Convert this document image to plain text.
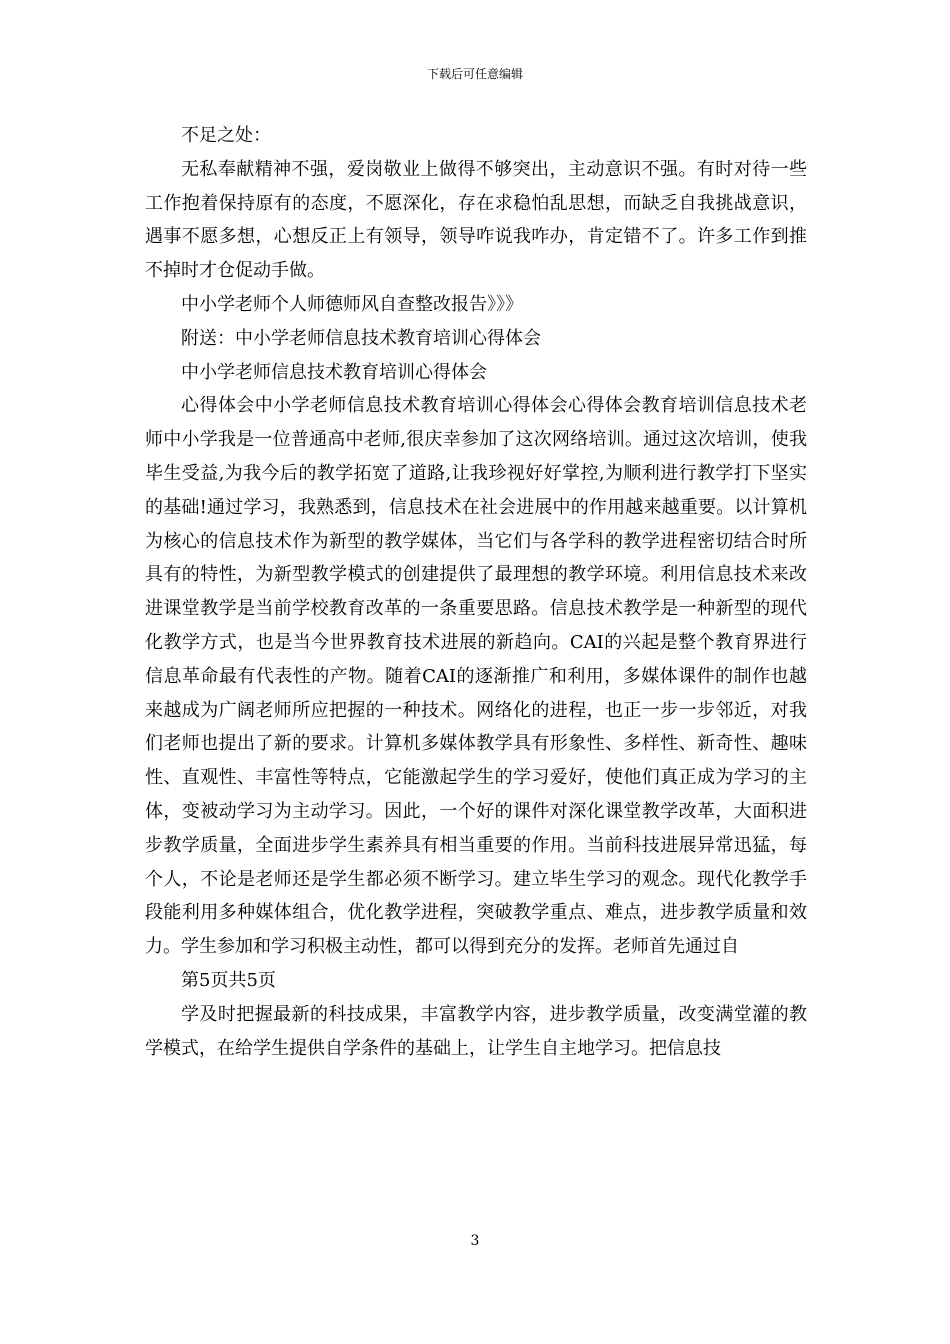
下载后可任意编辑

不足之处：

无私奉献精神不强，爱岗敬业上做得不够突出，主动意识不强。有时对待一些工作抱着保持原有的态度，不愿深化，存在求稳怕乱思想，而缺乏自我挑战意识，遇事不愿多想，心想反正上有领导，领导咋说我咋办，肯定错不了。许多工作到推不掉时才仓促动手做。

中小学老师个人师德师风自查整改报告》》》

附送：中小学老师信息技术教育培训心得体会

中小学老师信息技术教育培训心得体会

心得体会中小学老师信息技术教育培训心得体会心得体会教育培训信息技术老师中小学我是一位普通高中老师,很庆幸参加了这次网络培训。通过这次培训，使我毕生受益,为我今后的教学拓宽了道路,让我珍视好好掌控,为顺利进行教学打下坚实的基础!通过学习，我熟悉到，信息技术在社会进展中的作用越来越重要。以计算机为核心的信息技术作为新型的教学媒体，当它们与各学科的教学进程密切结合时所具有的特性，为新型教学模式的创建提供了最理想的教学环境。利用信息技术来改进课堂教学是当前学校教育改革的一条重要思路。信息技术教学是一种新型的现代化教学方式，也是当今世界教育技术进展的新趋向。CAI的兴起是整个教育界进行信息革命最有代表性的产物。随着CAI的逐渐推广和利用，多媒体课件的制作也越来越成为广阔老师所应把握的一种技术。网络化的进程，也正一步一步邻近，对我们老师也提出了新的要求。计算机多媒体教学具有形象性、多样性、新奇性、趣味性、直观性、丰富性等特点，它能激起学生的学习爱好，使他们真正成为学习的主体，变被动学习为主动学习。因此，一个好的课件对深化课堂教学改革，大面积进步教学质量，全面进步学生素养具有相当重要的作用。当前科技进展异常迅猛，每个人，不论是老师还是学生都必须不断学习。建立毕生学习的观念。现代化教学手段能利用多种媒体组合，优化教学进程，突破教学重点、难点，进步教学质量和效力。学生参加和学习积极主动性，都可以得到充分的发挥。老师首先通过自

第5页共5页

学及时把握最新的科技成果，丰富教学内容，进步教学质量，改变满堂灌的教学模式，在给学生提供自学条件的基础上，让学生自主地学习。把信息技

3
